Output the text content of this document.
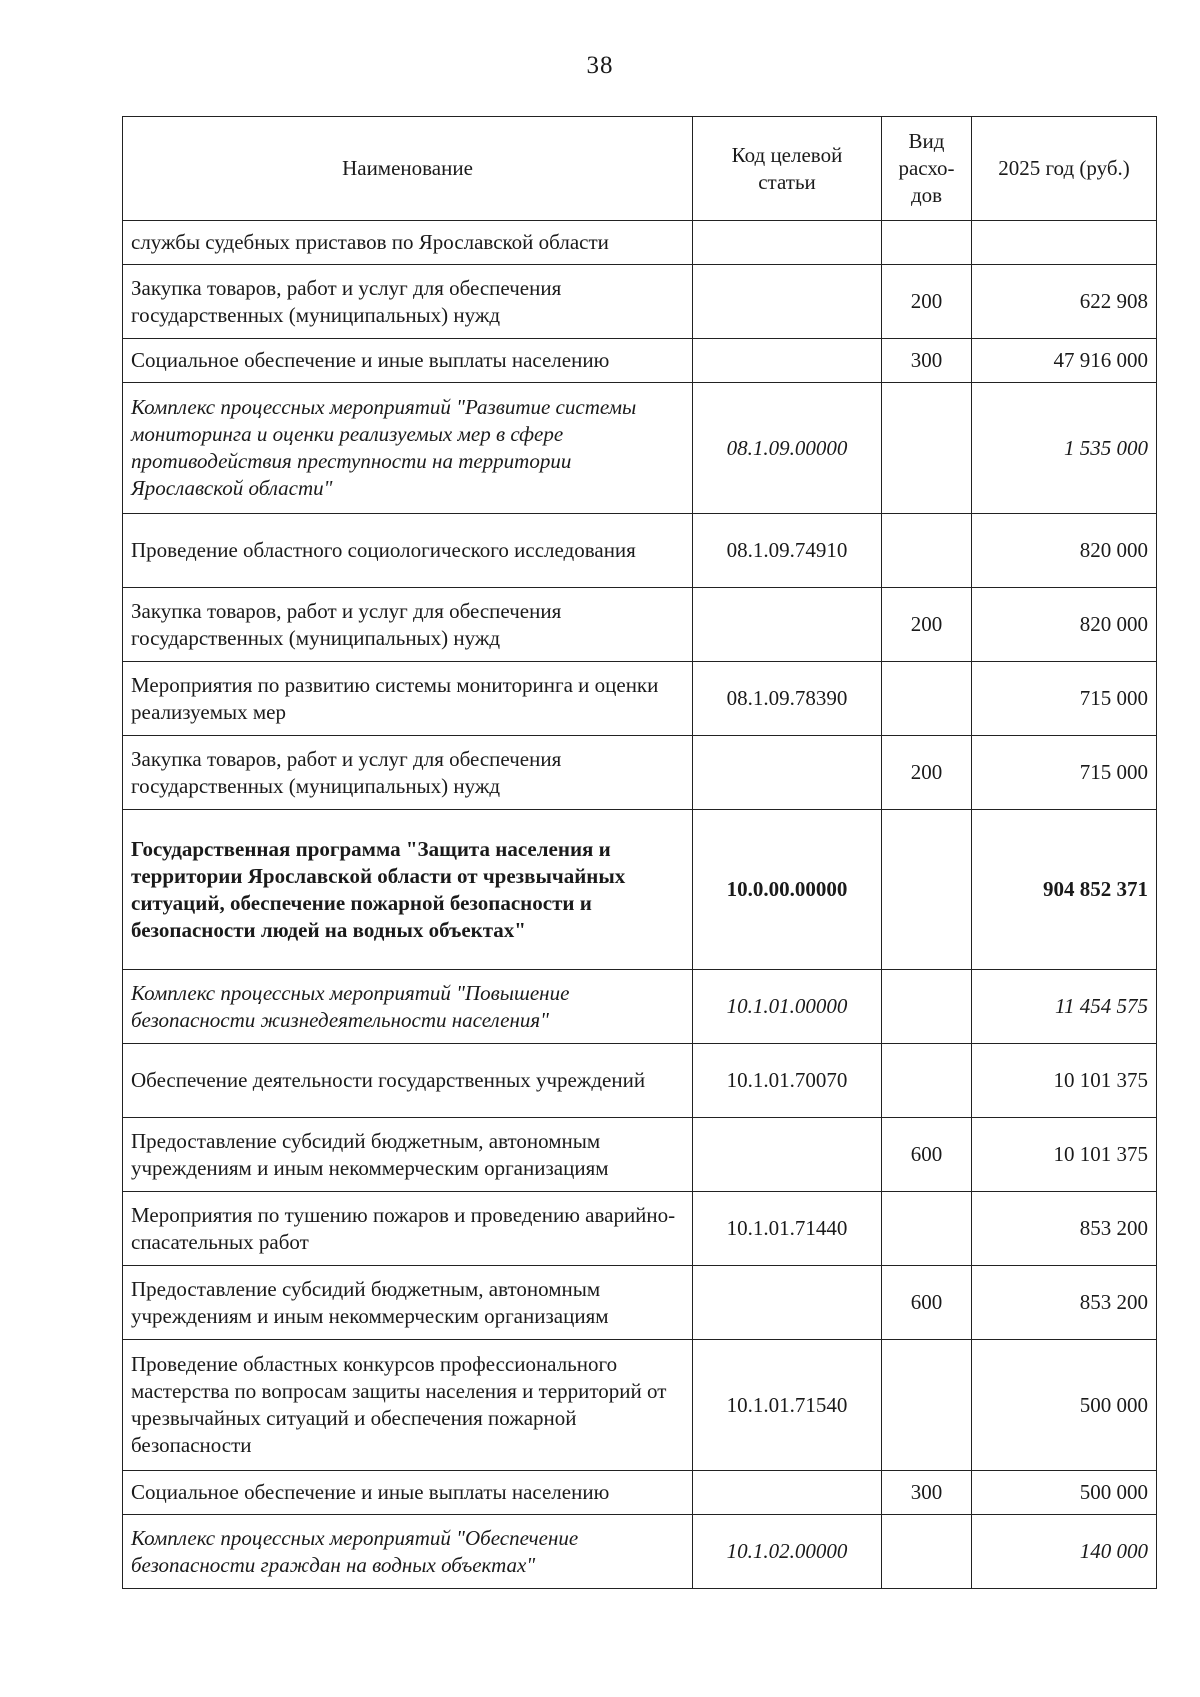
38
Наименование	Код целевой статьи	Вид расхо-дов	2025 год (руб.)
службы судебных приставов по Ярославской области			
Закупка товаров, работ и услуг для обеспечения государственных (муниципальных) нужд		200	622 908
Социальное обеспечение и иные выплаты населению		300	47 916 000
Комплекс процессных мероприятий "Развитие системы мониторинга и оценки реализуемых мер в сфере противодействия преступности на территории Ярославской области"	08.1.09.00000		1 535 000
Проведение областного социологического исследования	08.1.09.74910		820 000
Закупка товаров, работ и услуг для обеспечения государственных (муниципальных) нужд		200	820 000
Мероприятия по развитию системы мониторинга и оценки реализуемых мер	08.1.09.78390		715 000
Закупка товаров, работ и услуг для обеспечения государственных (муниципальных) нужд		200	715 000
Государственная программа "Защита населения и территории Ярославской области от чрезвычайных ситуаций, обеспечение пожарной безопасности и безопасности людей на водных объектах"	10.0.00.00000		904 852 371
Комплекс процессных мероприятий "Повышение безопасности жизнедеятельности населения"	10.1.01.00000		11 454 575
Обеспечение деятельности государственных учреждений	10.1.01.70070		10 101 375
Предоставление субсидий бюджетным, автономным учреждениям и иным некоммерческим организациям		600	10 101 375
Мероприятия по тушению пожаров и проведению аварийно-спасательных работ	10.1.01.71440		853 200
Предоставление субсидий бюджетным, автономным учреждениям и иным некоммерческим организациям		600	853 200
Проведение областных конкурсов профессионального мастерства по вопросам защиты населения и территорий от чрезвычайных ситуаций и обеспечения пожарной безопасности	10.1.01.71540		500 000
Социальное обеспечение и иные выплаты населению		300	500 000
Комплекс процессных мероприятий "Обеспечение безопасности граждан на водных объектах"	10.1.02.00000		140 000
